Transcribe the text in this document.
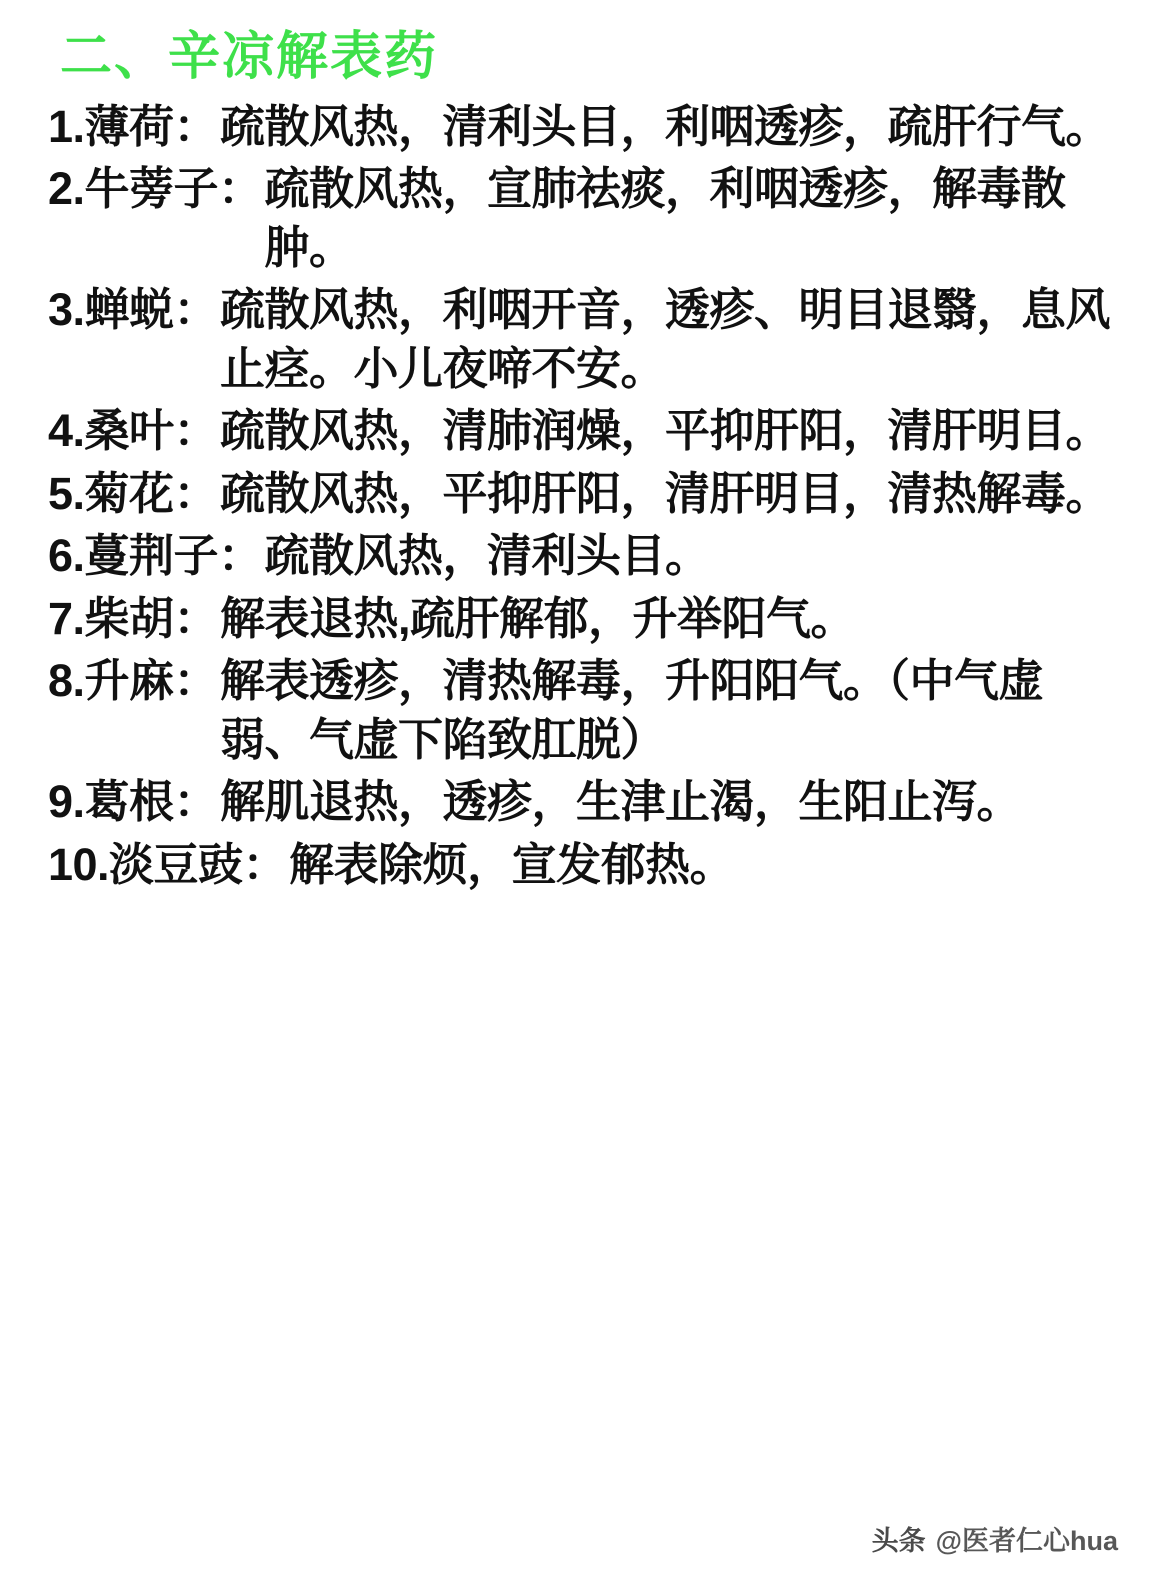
二、辛凉解表药
1.薄荷： 疏散风热，清利头目，利咽透疹，疏肝行气。
2.牛蒡子： 疏散风热，宣肺祛痰，利咽透疹，解毒散肿。
3.蝉蜕： 疏散风热，利咽开音，透疹、明目退翳，息风止痉。小儿夜啼不安。
4.桑叶： 疏散风热，清肺润燥，平抑肝阳，清肝明目。
5.菊花： 疏散风热，平抑肝阳，清肝明目，清热解毒。
6.蔓荆子： 疏散风热，清利头目。
7.柴胡： 解表退热,疏肝解郁，升举阳气。
8.升麻： 解表透疹，清热解毒，升阳阳气。（中气虚弱、气虚下陷致肛脱）
9.葛根： 解肌退热，透疹，生津止渴，生阳止泻。
10.淡豆豉： 解表除烦，宣发郁热。
头条 @医者仁心hua
